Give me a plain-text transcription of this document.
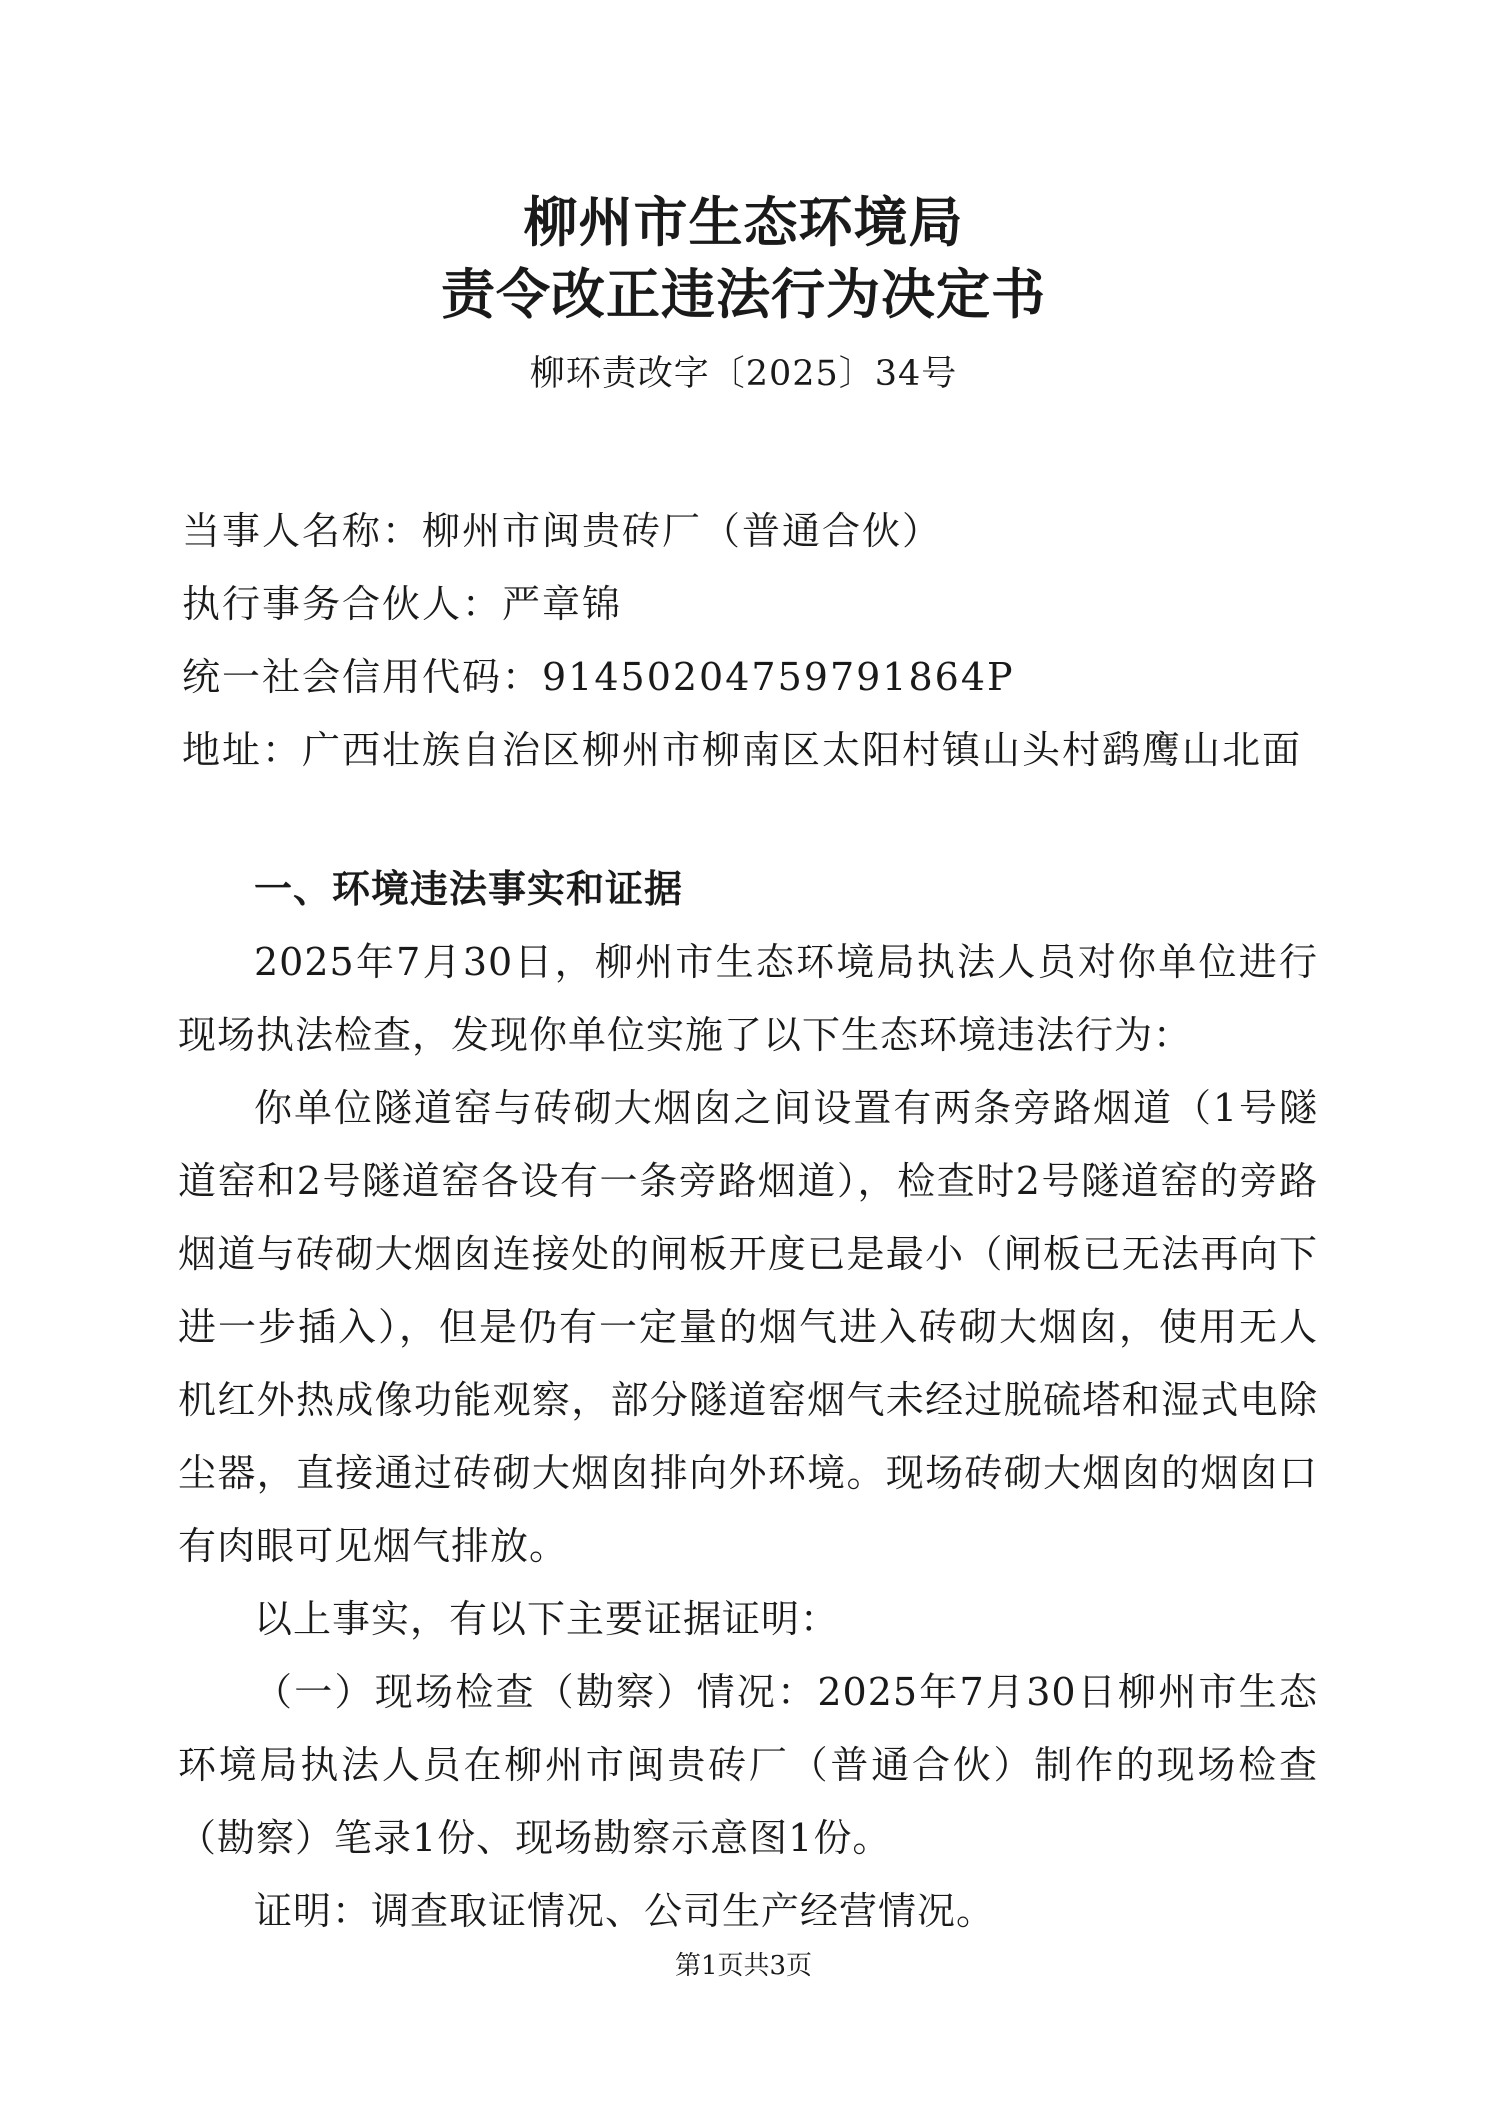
柳州市生态环境局
责令改正违法行为决定书
柳环责改字〔2025〕34号
当事人名称：柳州市闽贵砖厂（普通合伙）
执行事务合伙人：严章锦
统一社会信用代码：91450204759791864P
地址：广西壮族自治区柳州市柳南区太阳村镇山头村鹞鹰山北面

一、环境违法事实和证据

2025年7月30日，柳州市生态环境局执法人员对你单位进行现场执法检查，发现你单位实施了以下生态环境违法行为：

你单位隧道窑与砖砌大烟囱之间设置有两条旁路烟道（1号隧道窑和2号隧道窑各设有一条旁路烟道），检查时2号隧道窑的旁路烟道与砖砌大烟囱连接处的闸板开度已是最小（闸板已无法再向下进一步插入），但是仍有一定量的烟气进入砖砌大烟囱，使用无人机红外热成像功能观察，部分隧道窑烟气未经过脱硫塔和湿式电除尘器，直接通过砖砌大烟囱排向外环境。现场砖砌大烟囱的烟囱口有肉眼可见烟气排放。

以上事实，有以下主要证据证明：

（一）现场检查（勘察）情况：2025年7月30日柳州市生态环境局执法人员在柳州市闽贵砖厂（普通合伙）制作的现场检查（勘察）笔录1份、现场勘察示意图1份。

证明：调查取证情况、公司生产经营情况。

第1页共3页
